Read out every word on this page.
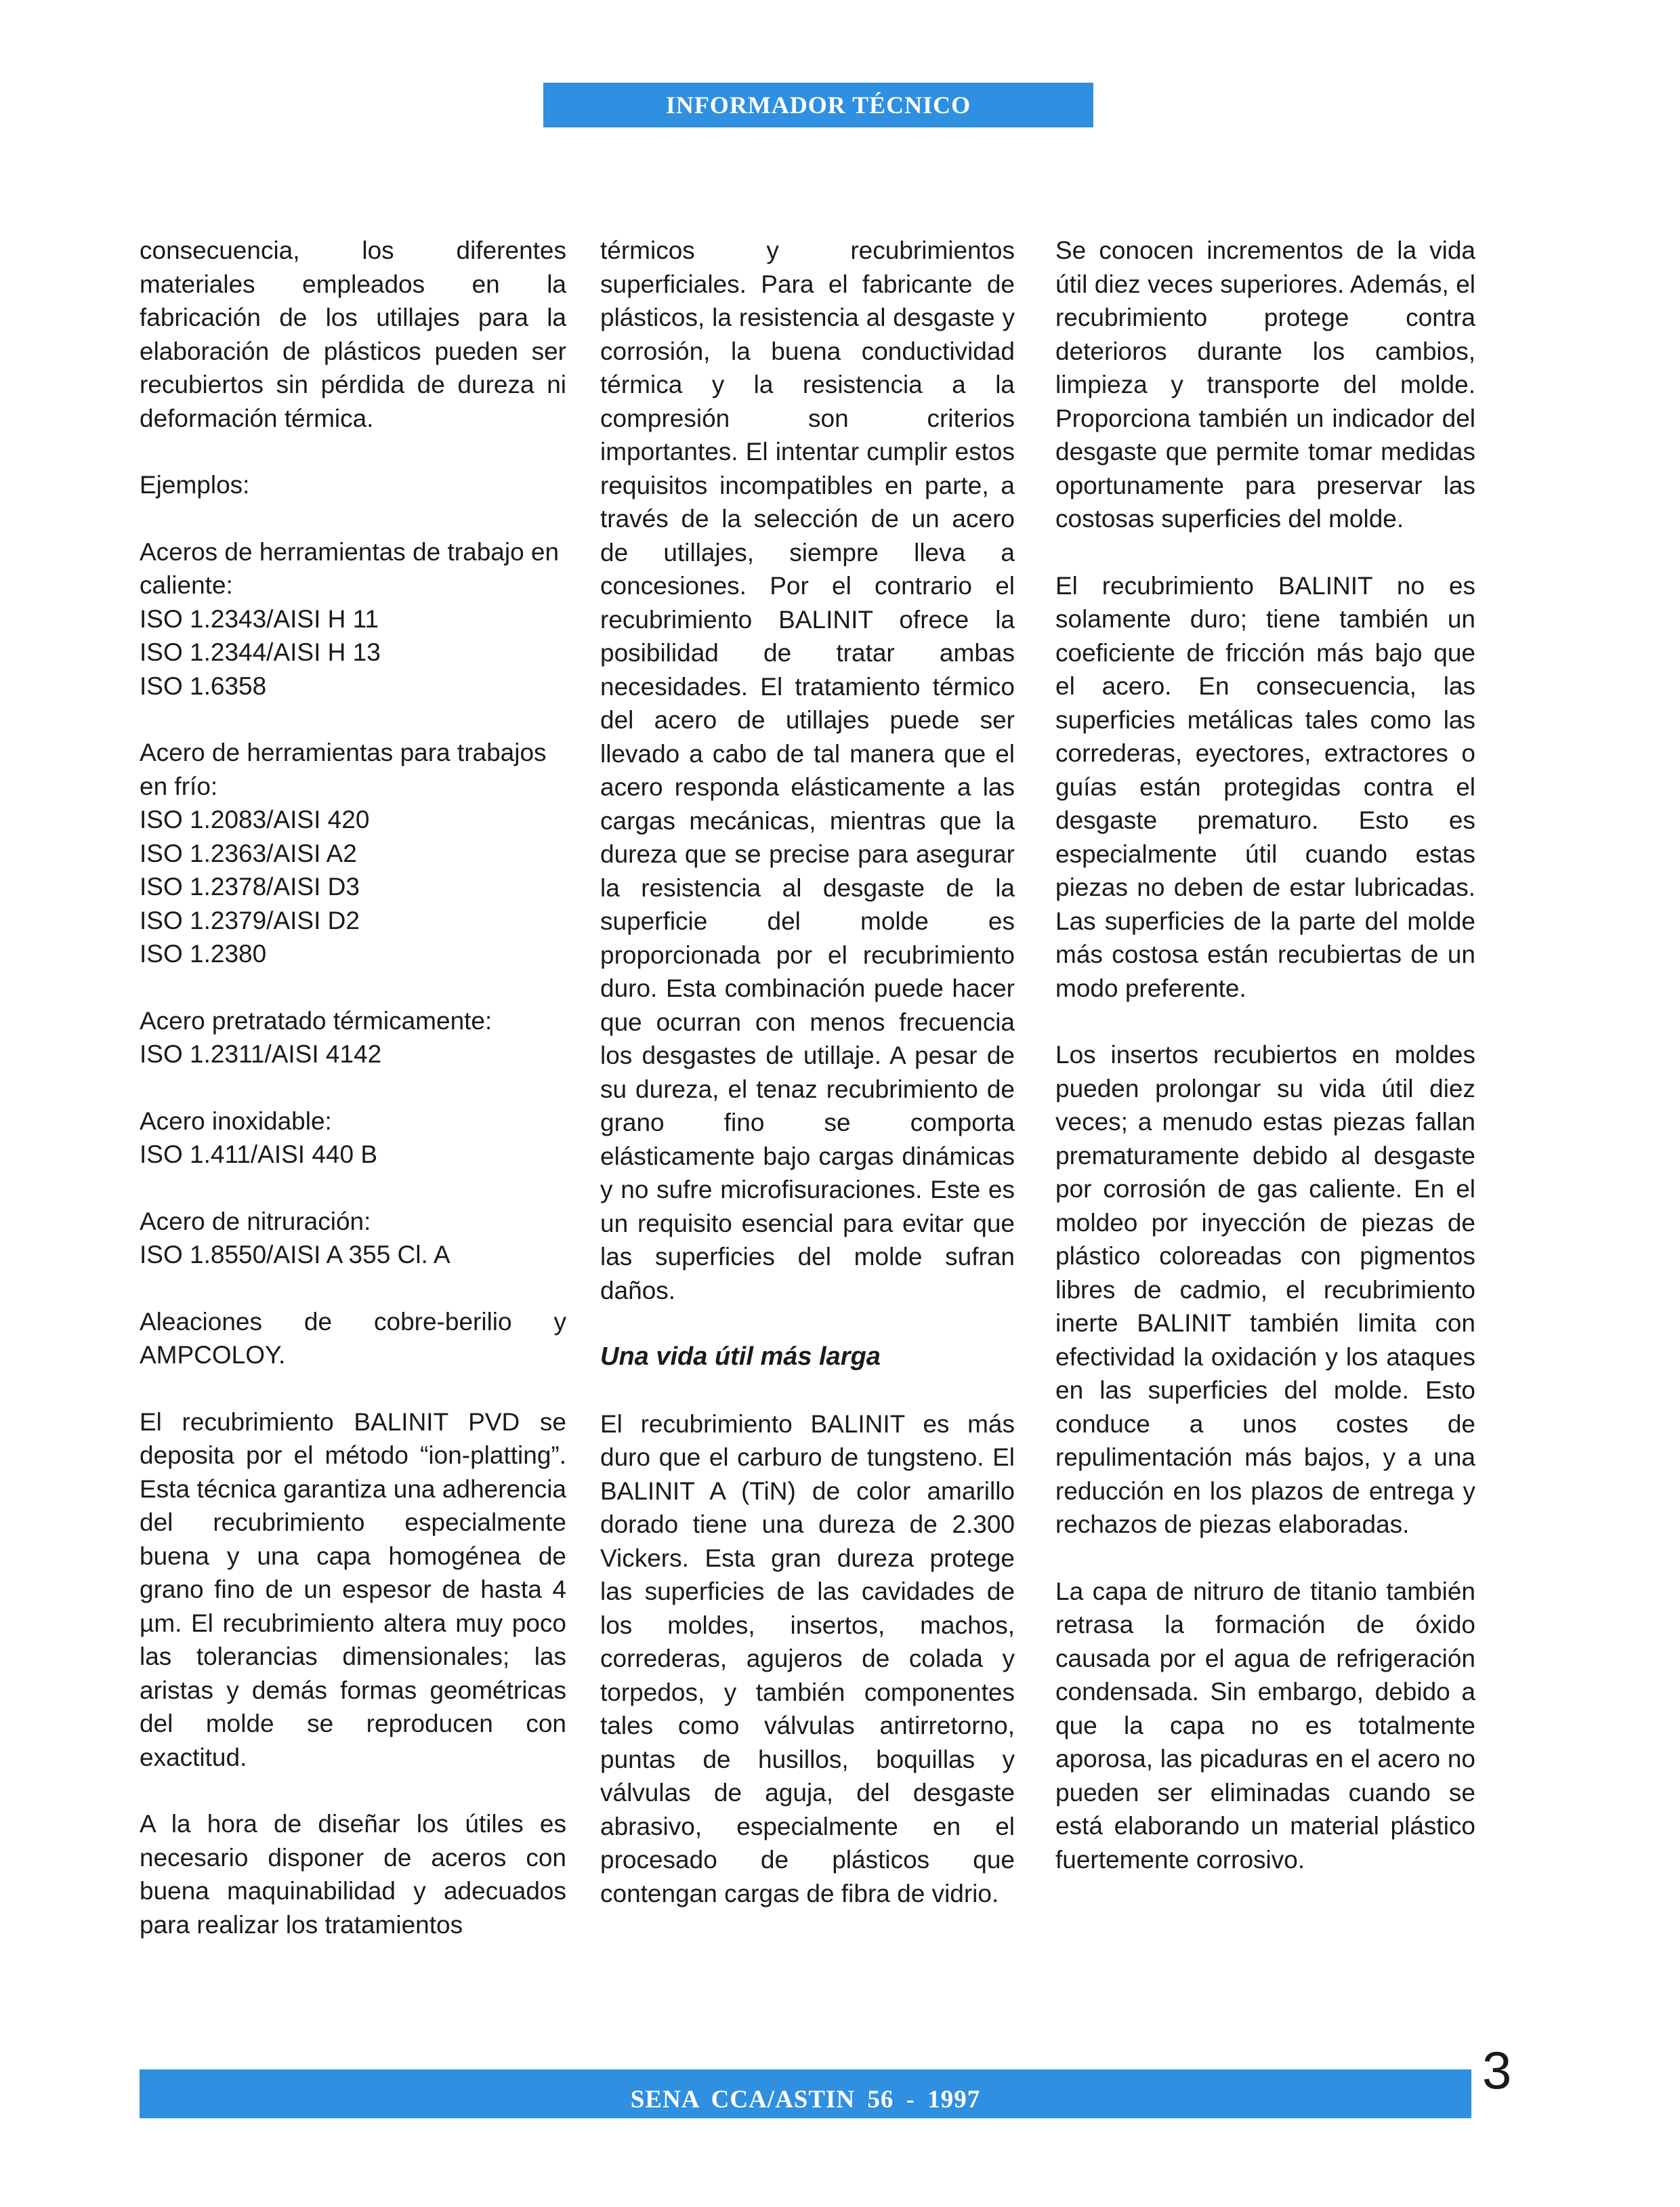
INFORMADOR TÉCNICO

consecuencia, los diferentes materiales empleados en la fabricación de los utillajes para la elaboración de plásticos pueden ser recubiertos sin pérdida de dureza ni deformación térmica.

Ejemplos:

Aceros de herramientas de trabajo en caliente:

ISO 1.2343/AISI H 11
ISO 1.2344/AISI H 13
ISO 1.6358

Acero de herramientas para trabajos en frío:

ISO 1.2083/AISI 420
ISO 1.2363/AISI A2
ISO 1.2378/AISI D3
ISO 1.2379/AISI D2
ISO 1.2380
Acero pretratado térmicamente:
ISO 1.2311/AISI 4142
Acero inoxidable:
ISO 1.411/AISI 440 B
Acero de nitruración:
ISO 1.8550/AISI A 355 Cl. A

Aleaciones de cobre-berilio y AMPCOLOY.

El recubrimiento BALINIT PVD se deposita por el método “ion-platting”. Esta técnica garantiza una adherencia del recubrimiento especialmente buena y una capa homogénea de grano fino de un espesor de hasta 4 µm. El recubrimiento altera muy poco las tolerancias dimensionales; las aristas y demás formas geométricas del molde se reproducen con exactitud.

A la hora de diseñar los útiles es necesario disponer de aceros con buena maquinabilidad y adecuados para realizar los tratamientos

térmicos y recubrimientos superficiales. Para el fabricante de plásticos, la resistencia al desgaste y corrosión, la buena conductividad térmica y la resistencia a la compresión son criterios importantes. El intentar cumplir estos requisitos incompatibles en parte, a través de la selección de un acero de utillajes, siempre lleva a concesiones. Por el contrario el recubrimiento BALINIT ofrece la posibilidad de tratar ambas necesidades. El tratamiento térmico del acero de utillajes puede ser llevado a cabo de tal manera que el acero responda elásticamente a las cargas mecánicas, mientras que la dureza que se precise para asegurar la resistencia al desgaste de la superficie del molde es proporcionada por el recubrimiento duro. Esta combinación puede hacer que ocurran con menos frecuencia los desgastes de utillaje. A pesar de su dureza, el tenaz recubrimiento de grano fino se comporta elásticamente bajo cargas dinámicas y no sufre microfisuraciones. Este es un requisito esencial para evitar que las superficies del molde sufran daños.

Una vida útil más larga

El recubrimiento BALINIT es más duro que el carburo de tungsteno. El BALINIT A (TiN) de color amarillo dorado tiene una dureza de 2.300 Vickers. Esta gran dureza protege las superficies de las cavidades de los moldes, insertos, machos, correderas, agujeros de colada y torpedos, y también componentes tales como válvulas antirretorno, puntas de husillos, boquillas y válvulas de aguja, del desgaste abrasivo, especialmente en el procesado de plásticos que contengan cargas de fibra de vidrio.

Se conocen incrementos de la vida útil diez veces superiores. Además, el recubrimiento protege contra deterioros durante los cambios, limpieza y transporte del molde. Proporciona también un indicador del desgaste que permite tomar medidas oportunamente para preservar las costosas superficies del molde.

El recubrimiento BALINIT no es solamente duro; tiene también un coeficiente de fricción más bajo que el acero. En consecuencia, las superficies metálicas tales como las correderas, eyectores, extractores o guías están protegidas contra el desgaste prematuro. Esto es especialmente útil cuando estas piezas no deben de estar lubricadas. Las superficies de la parte del molde más costosa están recubiertas de un modo preferente.

Los insertos recubiertos en moldes pueden prolongar su vida útil diez veces; a menudo estas piezas fallan prematuramente debido al desgaste por corrosión de gas caliente. En el moldeo por inyección de piezas de plástico coloreadas con pigmentos libres de cadmio, el recubrimiento inerte BALINIT también limita con efectividad la oxidación y los ataques en las superficies del molde. Esto conduce a unos costes de repulimentación más bajos, y a una reducción en los plazos de entrega y rechazos de piezas elaboradas.

La capa de nitruro de titanio también retrasa la formación de óxido causada por el agua de refrigeración condensada. Sin embargo, debido a que la capa no es totalmente aporosa, las picaduras en el acero no pueden ser eliminadas cuando se está elaborando un material plástico fuertemente corrosivo.

SENA CCA/ASTIN 56 - 1997	3
